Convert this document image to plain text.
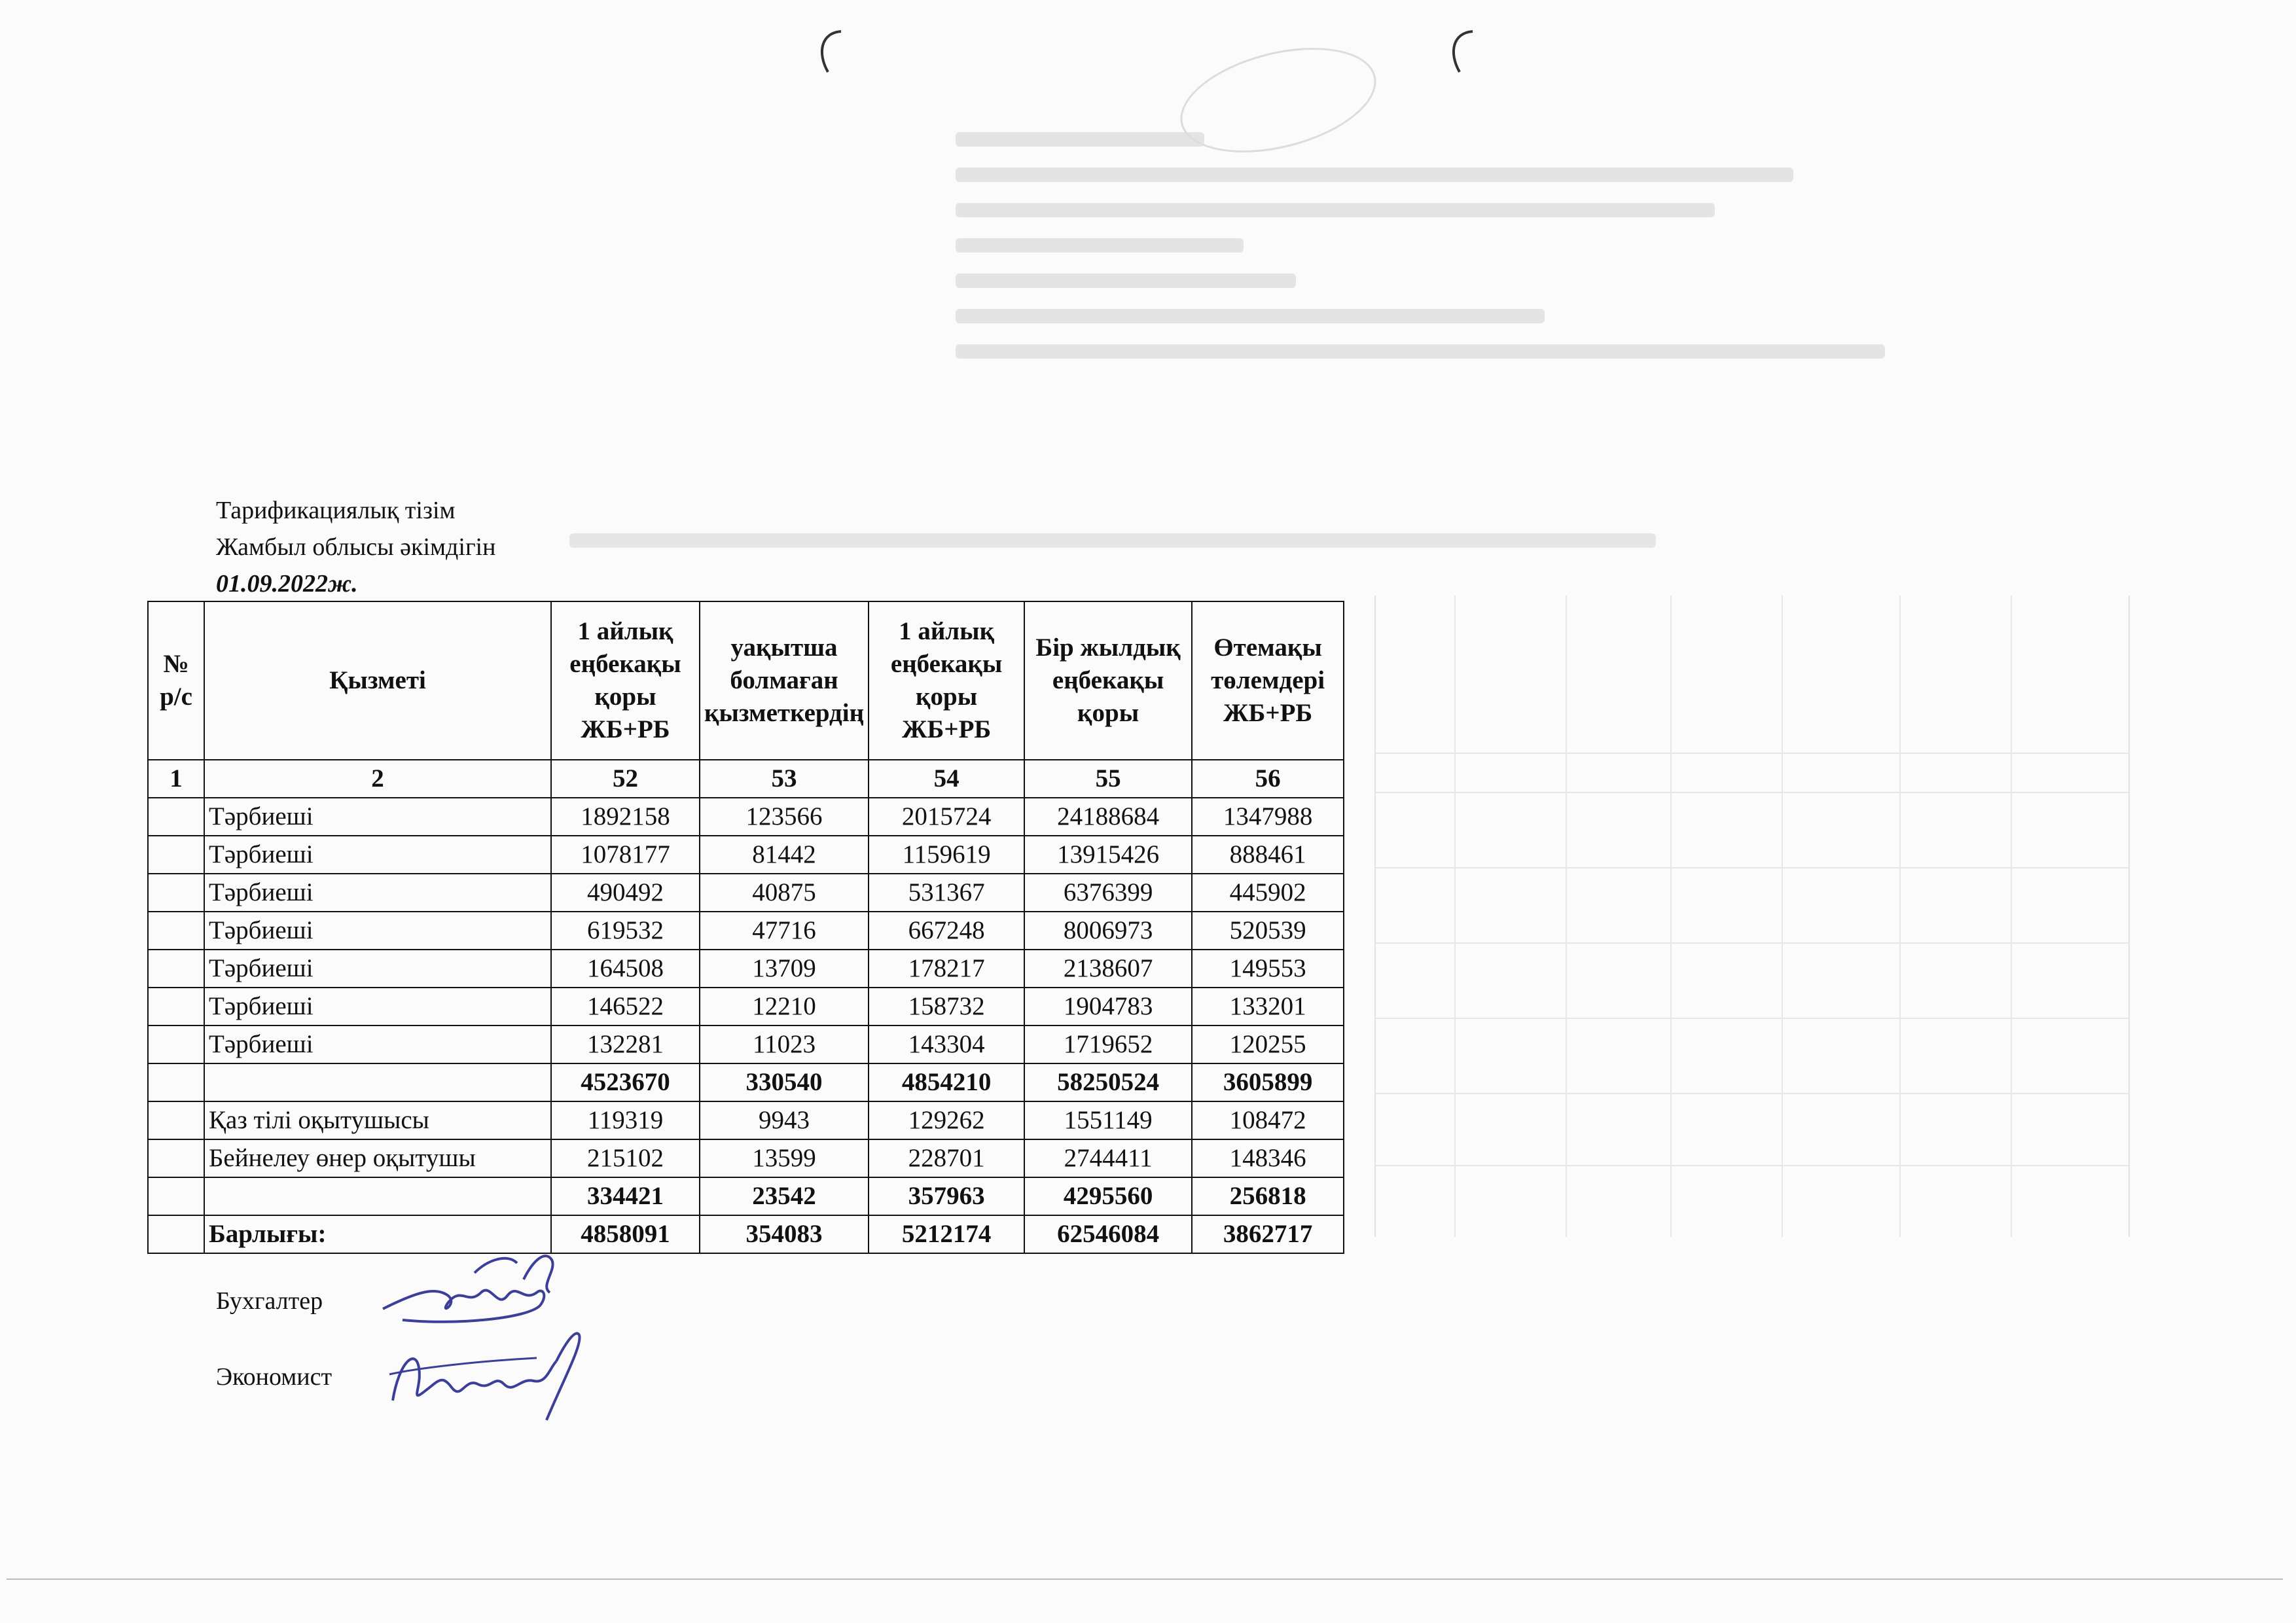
Тарификациялық тізім
Жамбыл облысы әкімдігін
01.09.2022ж.
№ р/с	Қызметі	1 айлық еңбекақы қоры ЖБ+РБ	уақытша болмаған қызметкердің	1 айлық еңбекақы қоры ЖБ+РБ	Бір жылдық еңбекақы қоры	Өтемақы төлемдері ЖБ+РБ
1	2	52	53	54	55	56
	Тәрбиеші	1892158	123566	2015724	24188684	1347988
	Тәрбиеші	1078177	81442	1159619	13915426	888461
	Тәрбиеші	490492	40875	531367	6376399	445902
	Тәрбиеші	619532	47716	667248	8006973	520539
	Тәрбиеші	164508	13709	178217	2138607	149553
	Тәрбиеші	146522	12210	158732	1904783	133201
	Тәрбиеші	132281	11023	143304	1719652	120255
		4523670	330540	4854210	58250524	3605899
	Қаз тілі оқытушысы	119319	9943	129262	1551149	108472
	Бейнелеу өнер оқытушы	215102	13599	228701	2744411	148346
		334421	23542	357963	4295560	256818
	Барлығы:	4858091	354083	5212174	62546084	3862717
Бухгалтер
Экономист
